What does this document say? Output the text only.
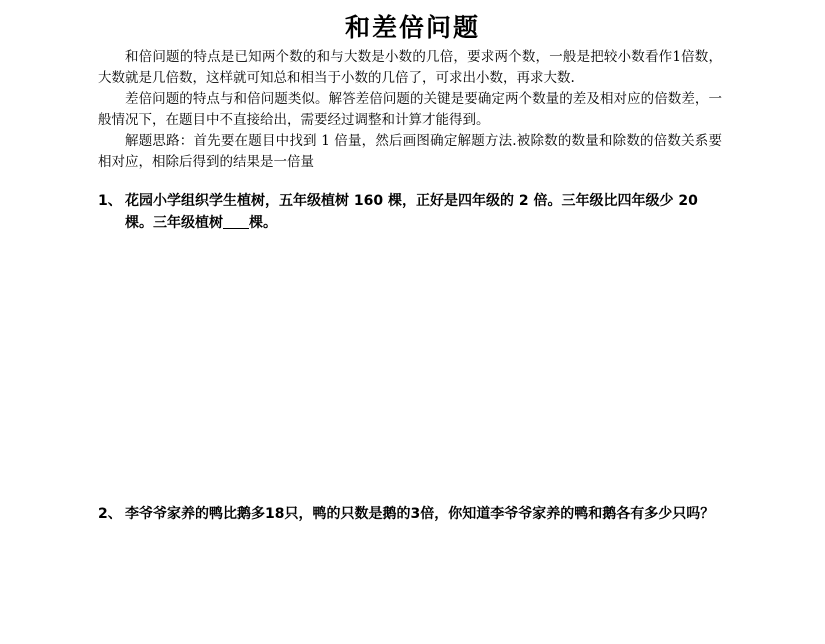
和差倍问题

和倍问题的特点是已知两个数的和与大数是小数的几倍，要求两个数，一般是把较小数看作1倍数，大数就是几倍数，这样就可知总和相当于小数的几倍了，可求出小数，再求大数.

差倍问题的特点与和倍问题类似。解答差倍问题的关键是要确定两个数量的差及相对应的倍数差，一般情况下，在题目中不直接给出，需要经过调整和计算才能得到。

解题思路：首先要在题目中找到 1 倍量，然后画图确定解题方法.被除数的数量和除数的倍数关系要相对应，相除后得到的结果是一倍量

1、 花园小学组织学生植树，五年级植树 160 棵，正好是四年级的 2 倍。三年级比四年级少 20 棵。三年级植树 棵。
2、 李爷爷家养的鸭比鹅多18只，鸭的只数是鹅的3倍，你知道李爷爷家养的鸭和鹅各有多少只吗？
